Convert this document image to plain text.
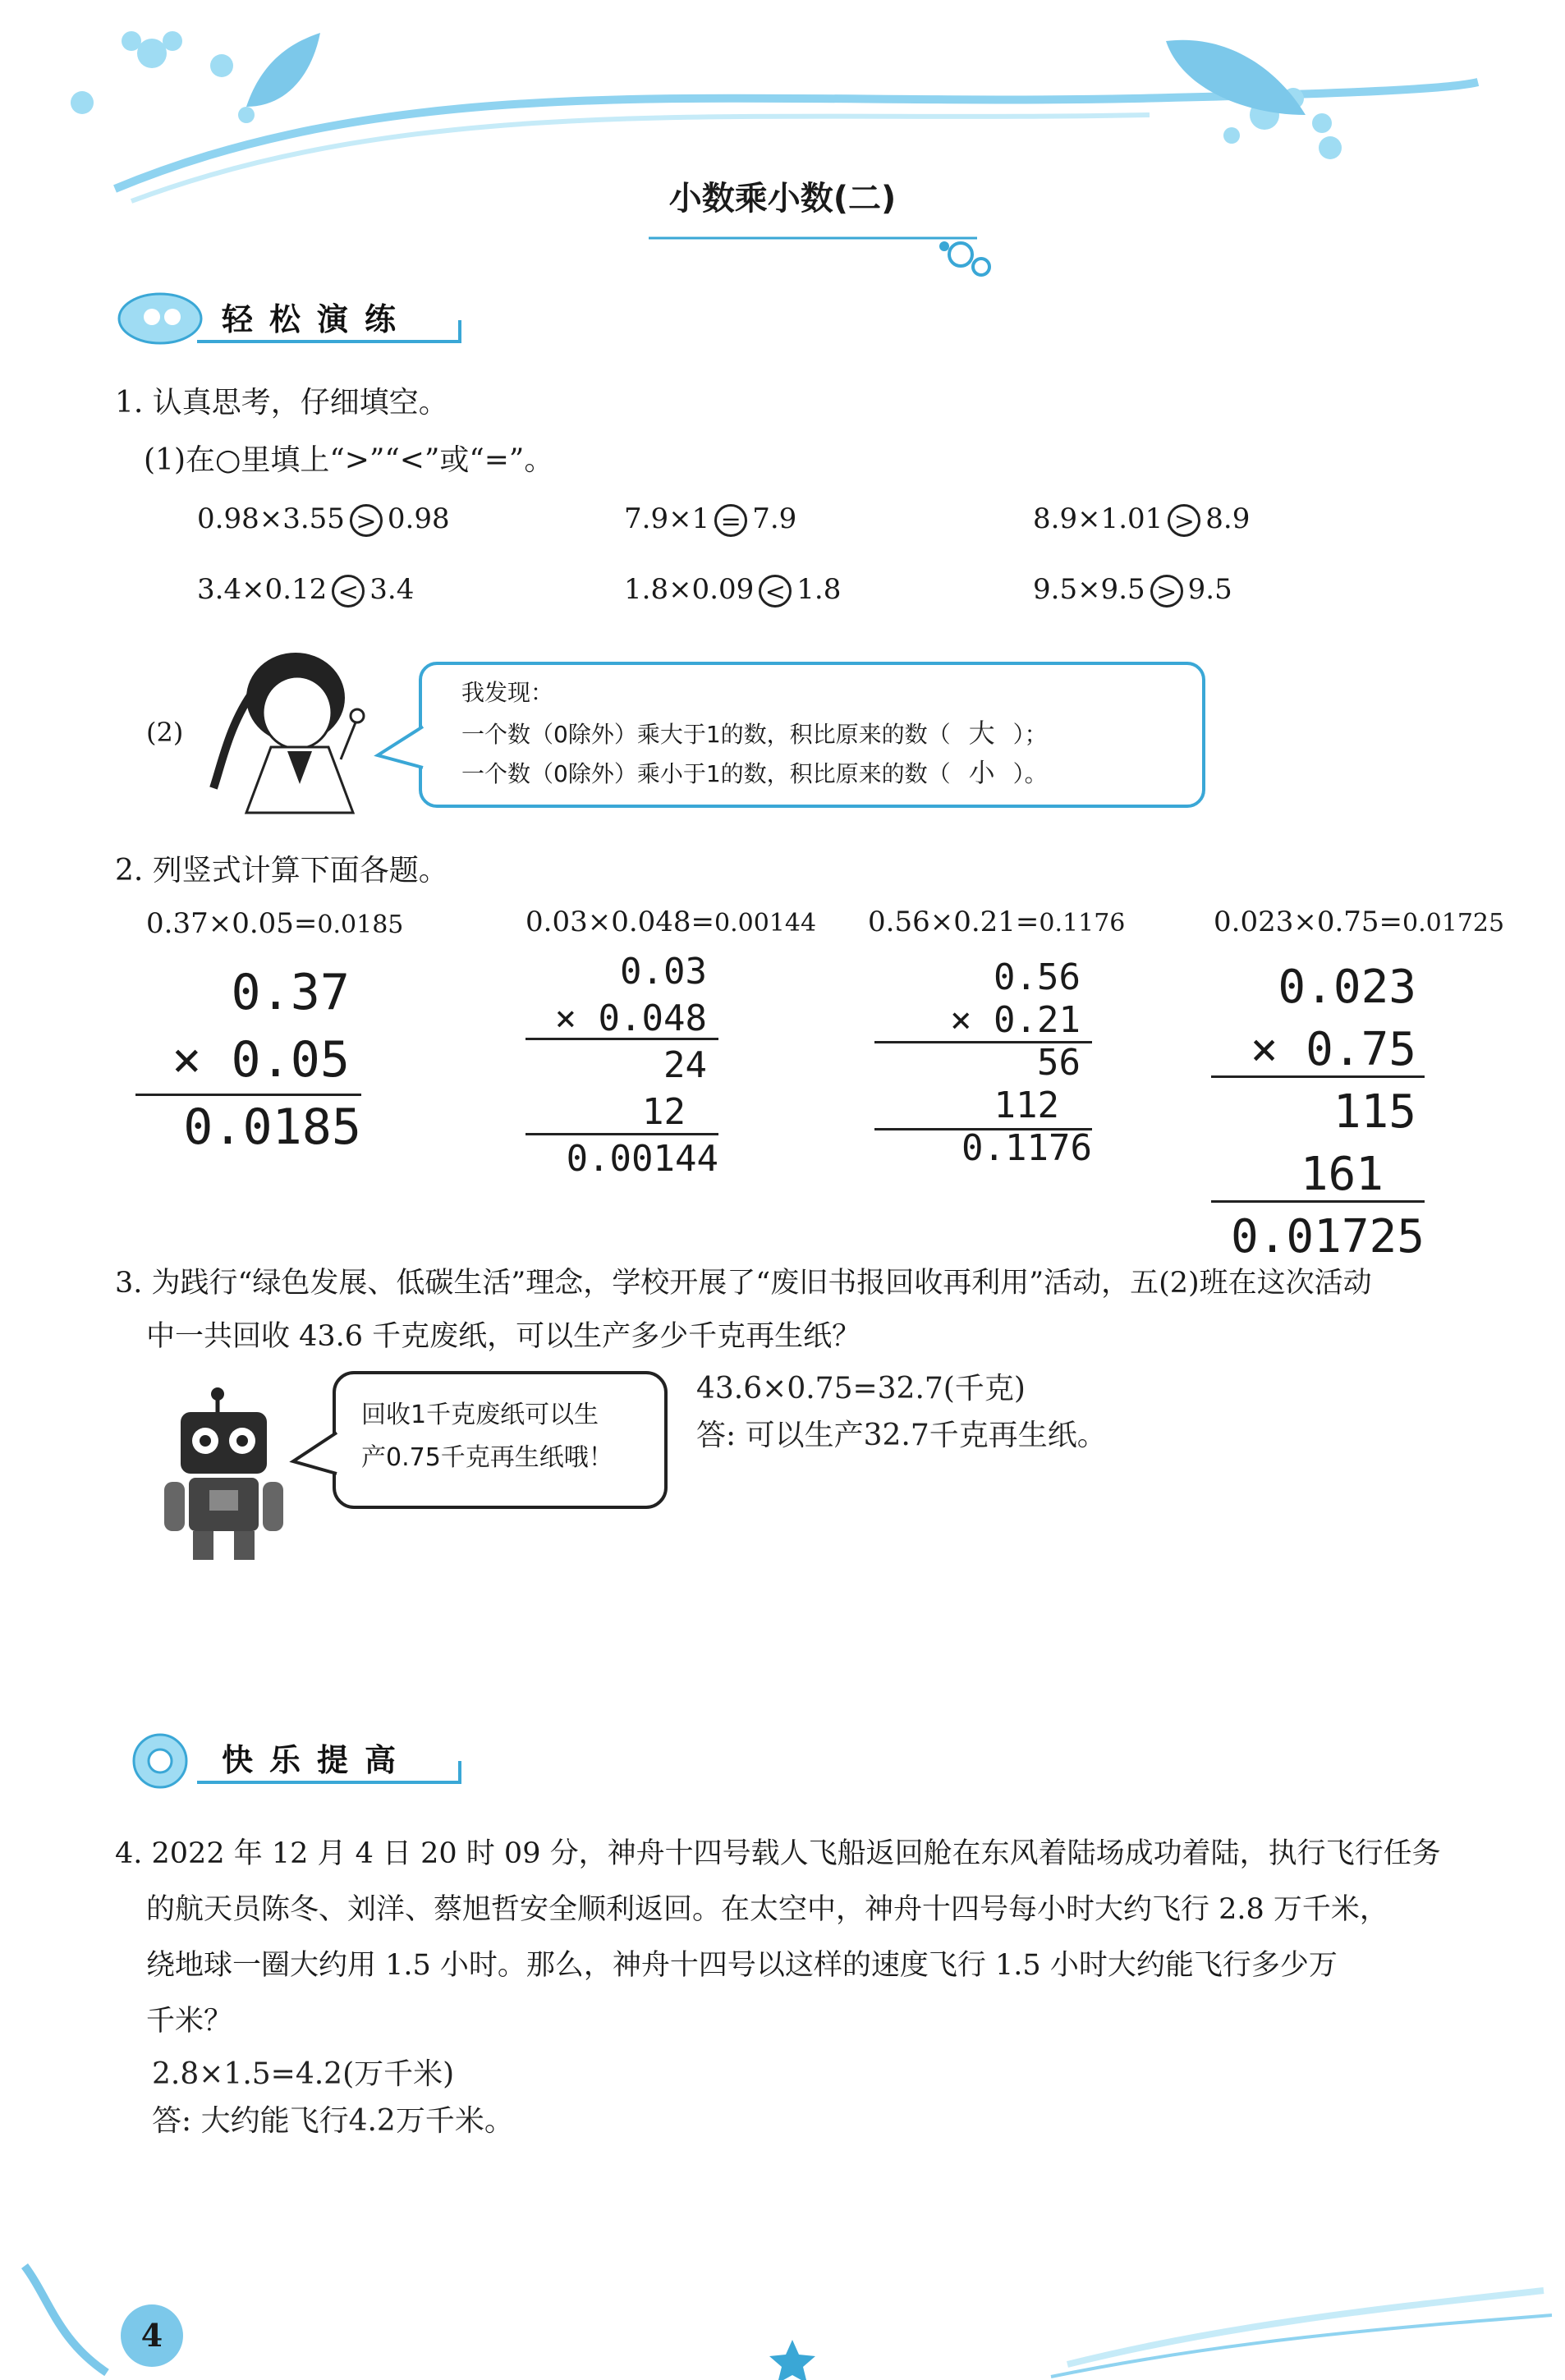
小数乘小数(二)
轻松演练
1. 认真思考，仔细填空。
(1)在○里填上“>”“<”或“=”。
0.98×3.55 > 0.98	7.9×1 = 7.9	8.9×1.01 > 8.9
3.4×0.12 < 3.4	1.8×0.09 < 1.8	9.5×9.5 > 9.5
(2)
我发现：
一个数（0除外）乘大于1的数，积比原来的数（ 大 ）；
一个数（0除外）乘小于1的数，积比原来的数（ 小 ）。
2. 列竖式计算下面各题。
0.37×0.05=0.0185	0.03×0.048=0.00144 0.56×0.21=0.1176	0.023×0.75=0.01725
0.37
× 0.05
0.0185
0.03
× 0.048
24
12
0.00144
0.56
× 0.21
56
112
0.1176
0.023
× 0.75
115
161
0.01725
3. 为践行“绿色发展、低碳生活”理念，学校开展了“废旧书报回收再利用”活动，五(2)班在这次活动
中一共回收 43.6 千克废纸，可以生产多少千克再生纸？
回收1千克废纸可以生
产0.75千克再生纸哦！
43.6×0.75=32.7(千克)
答: 可以生产32.7千克再生纸。
快乐提高
4. 2022 年 12 月 4 日 20 时 09 分，神舟十四号载人飞船返回舱在东风着陆场成功着陆，执行飞行任务
的航天员陈冬、刘洋、蔡旭哲安全顺利返回。在太空中，神舟十四号每小时大约飞行 2.8 万千米，
绕地球一圈大约用 1.5 小时。那么，神舟十四号以这样的速度飞行 1.5 小时大约能飞行多少万
千米？
2.8×1.5=4.2(万千米)
答: 大约能飞行4.2万千米。
4
